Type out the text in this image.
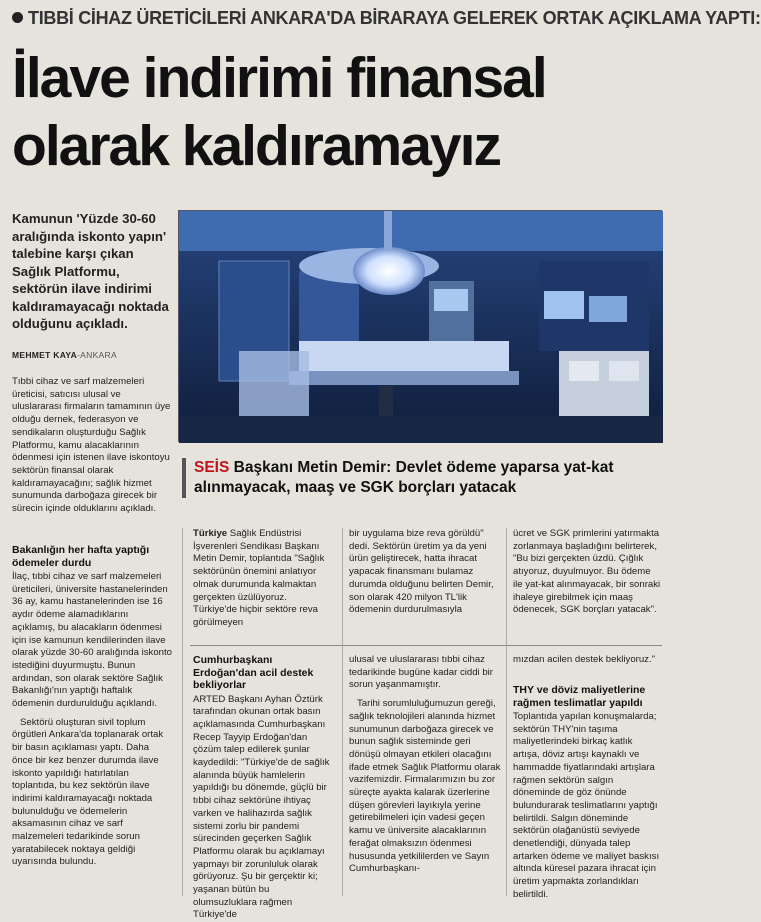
TIBBİ CİHAZ ÜRETİCİLERİ ANKARA'DA BİRARAYA GELEREK ORTAK AÇIKLAMA YAPTI:
İlave indirimi finansal
olarak kaldıramayız
Kamunun 'Yüzde 30-60 aralığında iskonto yapın' talebine karşı çıkan Sağlık Platformu, sektörün ilave indirimi kaldıramayacağı noktada olduğunu açıkladı.
MEHMET KAYA-ANKARA
SEİS Başkanı Metin Demir: Devlet ödeme yaparsa yat-kat alınmayacak, maaş ve SGK borçları yatacak
Tıbbi cihaz ve sarf malzemeleri üreticisi, satıcısı ulusal ve uluslararası firmaların tamamının üye olduğu dernek, federasyon ve sendikaların oluşturduğu Sağlık Platformu, kamu alacaklarının ödenmesi için istenen ilave iskontoyu sektörün finansal olarak kaldıramayacağını; sağlık hizmet sunumunda darboğaza girecek bir sürecin içinde olduklarını açıkladı.
Bakanlığın her hafta yaptığı ödemeler durdu
İlaç, tıbbi cihaz ve sarf malzemeleri üreticileri, üniversite hastanelerinden 36 ay, kamu hastanelerinden ise 16 aydır ödeme alamadıklarını açıklamış, bu alacakların ödenmesi için ise kamunun kendilerinden ilave olarak yüzde 30-60 aralığında iskonto istediğini duyurmuştu. Bunun ardından, son olarak sektöre Sağlık Bakanlığı'nın yaptığı haftalık ödemenin durdurulduğu açıklandı.
Sektörü oluşturan sivil toplum örgütleri Ankara'da toplanarak ortak bir basın açıklaması yaptı. Daha önce bir kez benzer durumda ilave iskonto yapıldığı hatırlatılan toplantıda, bu kez sektörün ilave indirimi kaldıramayacağı noktada bulunulduğu ve ödemelerin aksamasının cihaz ve sarf malzemeleri tedarikinde sorun yaratabilecek noktaya geldiği uyarısında bulundu.
Türkiye Sağlık Endüstrisi İşverenleri Sendikası Başkanı Metin Demir, toplantıda "Sağlık sektörünün önemini anlatıyor olmak durumunda kalmaktan gerçekten üzülüyoruz. Türkiye'de hiçbir sektöre reva görülmeyen
bir uygulama bize reva görüldü" dedi. Sektörün üretim ya da yeni ürün geliştirecek, hatta ihracat yapacak finansmanı bulamaz durumda olduğunu belirten Demir, son olarak 420 milyon TL'lik ödemenin durdurulmasıyla
ücret ve SGK primlerini yatırmakta zorlanmaya başladığını belirterek, "Bu bizi gerçekten üzdü. Çığlık atıyoruz, duyulmuyor. Bu ödeme ile yat-kat alınmayacak, bir sonraki ihaleye girebilmek için maaş ödenecek, SGK borçları yatacak".
Cumhurbaşkanı Erdoğan'dan acil destek bekliyorlar
ARTED Başkanı Ayhan Öztürk tarafından okunan ortak basın açıklamasında Cumhurbaşkanı Recep Tayyip Erdoğan'dan çözüm talep edilerek şunlar kaydedildi: "Türkiye'de de sağlık alanında büyük hamlelerin yapıldığı bu dönemde, güçlü bir tıbbi cihaz sektörüne ihtiyaç varken ve halihazırda sağlık sistemi zorlu bir pandemi sürecinden geçerken Sağlık Platformu olarak bu açıklamayı yapmayı bir zorunluluk olarak görüyoruz. Şu bir gerçektir ki; yaşanan bütün bu olumsuzluklara rağmen Türkiye'de
ulusal ve uluslararası tıbbi cihaz tedarikinde bugüne kadar ciddi bir sorun yaşanmamıştır.
Tarihi sorumluluğumuzun gereği, sağlık teknolojileri alanında hizmet sunumunun darboğaza girecek ve bunun sağlık sisteminde geri dönüşü olmayan etkileri olacağını ifade etmek Sağlık Platformu olarak vazifemizdir. Firmalarımızın bu zor süreçte ayakta kalarak üzerlerine düşen görevleri layıkıyla yerine getirebilmeleri için vadesi geçen kamu ve üniversite alacaklarının ferağat olmaksızın ödenmesi hususunda yetkililerden ve Sayın Cumhurbaşkanı-
mızdan acilen destek bekliyoruz."
THY ve döviz maliyetlerine rağmen teslimatlar yapıldı
Toplantıda yapılan konuşmalarda; sektörün THY'nin taşıma maliyetlerindeki birkaç katlık artışa, döviz artışı kaynaklı ve hammadde fiyatlarındaki artışlara rağmen sektörün salgın döneminde de göz önünde bulundurarak teslimatlarını yaptığı belirtildi. Salgın döneminde sektörün olağanüstü seviyede denetlendiği, dünyada talep artarken ödeme ve maliyet baskısı altında küresel pazara ihracat için üretim yapmakta zorlandıkları belirtildi.
